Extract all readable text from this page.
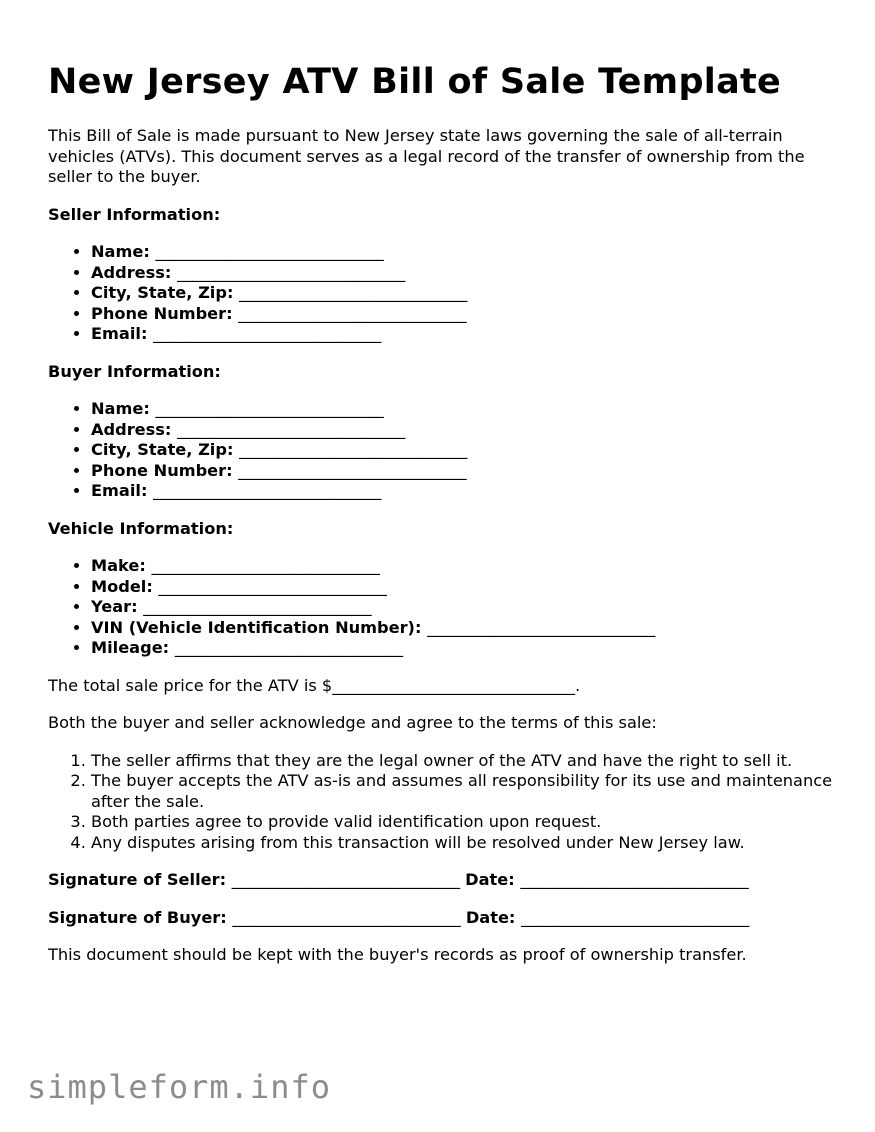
New Jersey ATV Bill of Sale Template

This Bill of Sale is made pursuant to New Jersey state laws governing the sale of all-terrain vehicles (ATVs). This document serves as a legal record of the transfer of ownership from the seller to the buyer.

Seller Information:

• Name: ______________________________
• Address: ______________________________
• City, State, Zip: ______________________________
• Phone Number: ______________________________
• Email: ______________________________

Buyer Information:

• Name: ______________________________
• Address: ______________________________
• City, State, Zip: ______________________________
• Phone Number: ______________________________
• Email: ______________________________

Vehicle Information:

• Make: ______________________________
• Model: ______________________________
• Year: ______________________________
• VIN (Vehicle Identification Number): ______________________________
• Mileage: ______________________________

The total sale price for the ATV is $______________________________.

Both the buyer and seller acknowledge and agree to the terms of this sale:

1. The seller affirms that they are the legal owner of the ATV and have the right to sell it.
2. The buyer accepts the ATV as-is and assumes all responsibility for its use and maintenance after the sale.
3. Both parties agree to provide valid identification upon request.
4. Any disputes arising from this transaction will be resolved under New Jersey law.

Signature of Seller: ______________________________ Date: ______________________________

Signature of Buyer: ______________________________ Date: ______________________________

This document should be kept with the buyer's records as proof of ownership transfer.

simpleform.info
